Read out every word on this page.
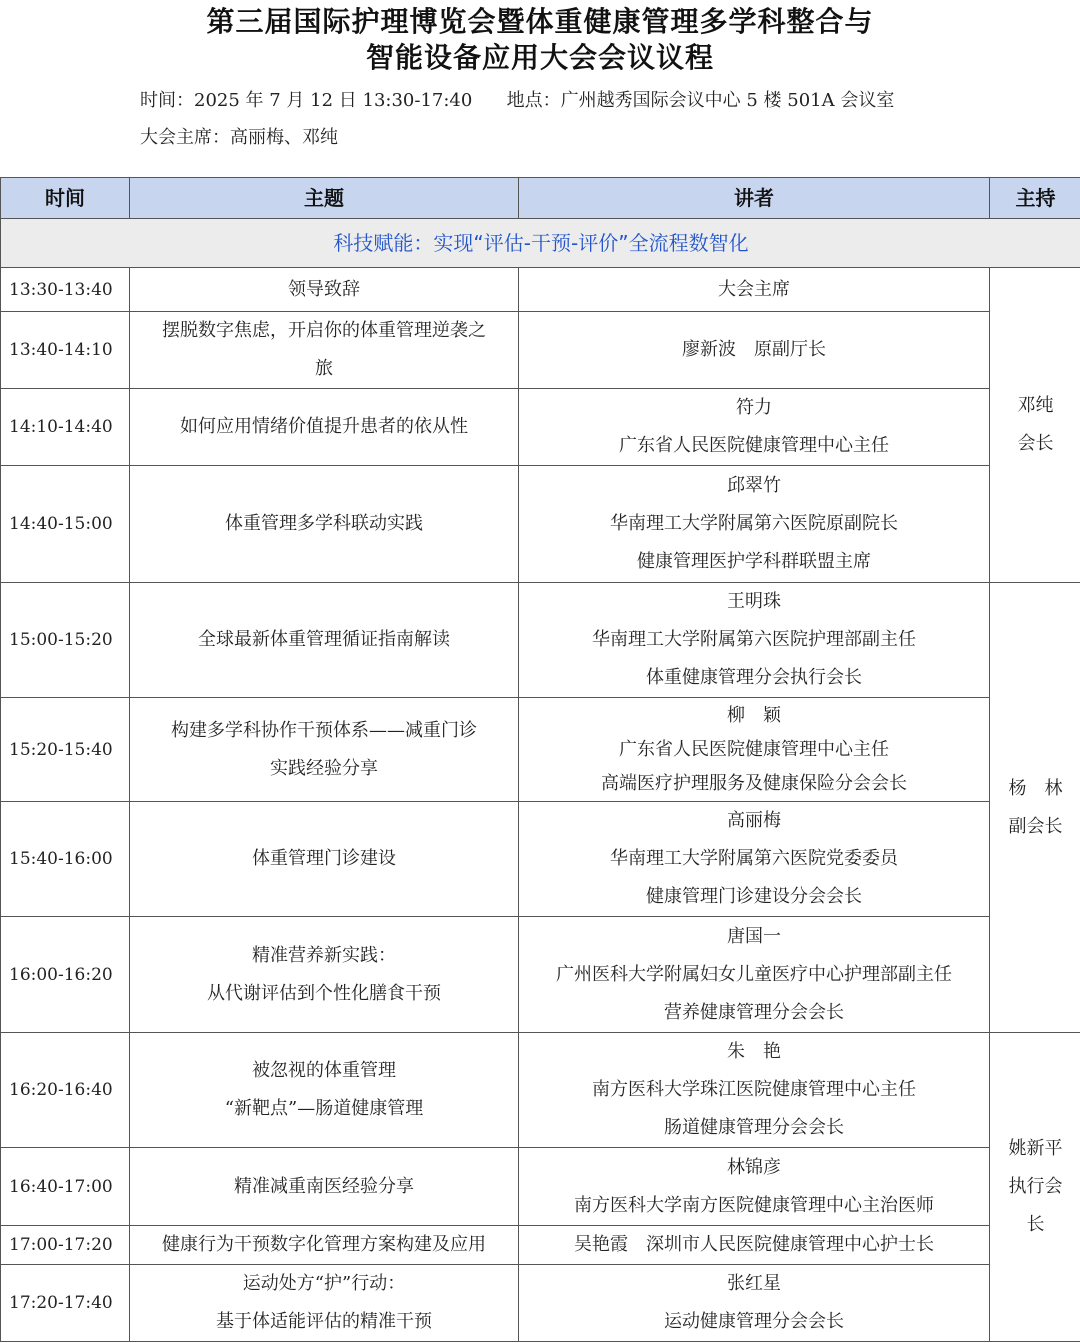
第三届国际护理博览会暨体重健康管理多学科整合与
智能设备应用大会会议议程
时间：2025 年 7 月 12 日 13:30-17:40      地点：广州越秀国际会议中心 5 楼 501A 会议室
大会主席：高丽梅、邓纯
时间	主题	讲者	主持
科技赋能：实现“评估-干预-评价”全流程数智化			
13:30-13:40	领导致辞	大会主席	邓纯
会长

13:40-14:10	摆脱数字焦虑，开启你的体重管理逆袭之
旅	廖新波　原副厅长	

14:10-14:40	如何应用情绪价值提升患者的依从性	符力
广东省人民医院健康管理中心主任	

14:40-15:00	体重管理多学科联动实践	邱翠竹
华南理工大学附属第六医院原副院长
健康管理医护学科群联盟主席	

15:00-15:20	全球最新体重管理循证指南解读	王明珠
华南理工大学附属第六医院护理部副主任
体重健康管理分会执行会长	杨　林
副会长

15:20-15:40	构建多学科协作干预体系——减重门诊
实践经验分享	柳　颖
广东省人民医院健康管理中心主任
高端医疗护理服务及健康保险分会会长	

15:40-16:00	体重管理门诊建设	高丽梅
华南理工大学附属第六医院党委委员
健康管理门诊建设分会会长	

16:00-16:20	精准营养新实践：
从代谢评估到个性化膳食干预	唐国一
广州医科大学附属妇女儿童医疗中心护理部副主任
营养健康管理分会会长	

16:20-16:40	被忽视的体重管理
“新靶点”—肠道健康管理	朱　艳
南方医科大学珠江医院健康管理中心主任
肠道健康管理分会会长	姚新平
执行会
长

16:40-17:00	精准减重南医经验分享	林锦彦
南方医科大学南方医院健康管理中心主治医师	

17:00-17:20	健康行为干预数字化管理方案构建及应用	吴艳霞　深圳市人民医院健康管理中心护士长	

17:20-17:40	运动处方“护”行动：
基于体适能评估的精准干预	张红星
运动健康管理分会会长	
